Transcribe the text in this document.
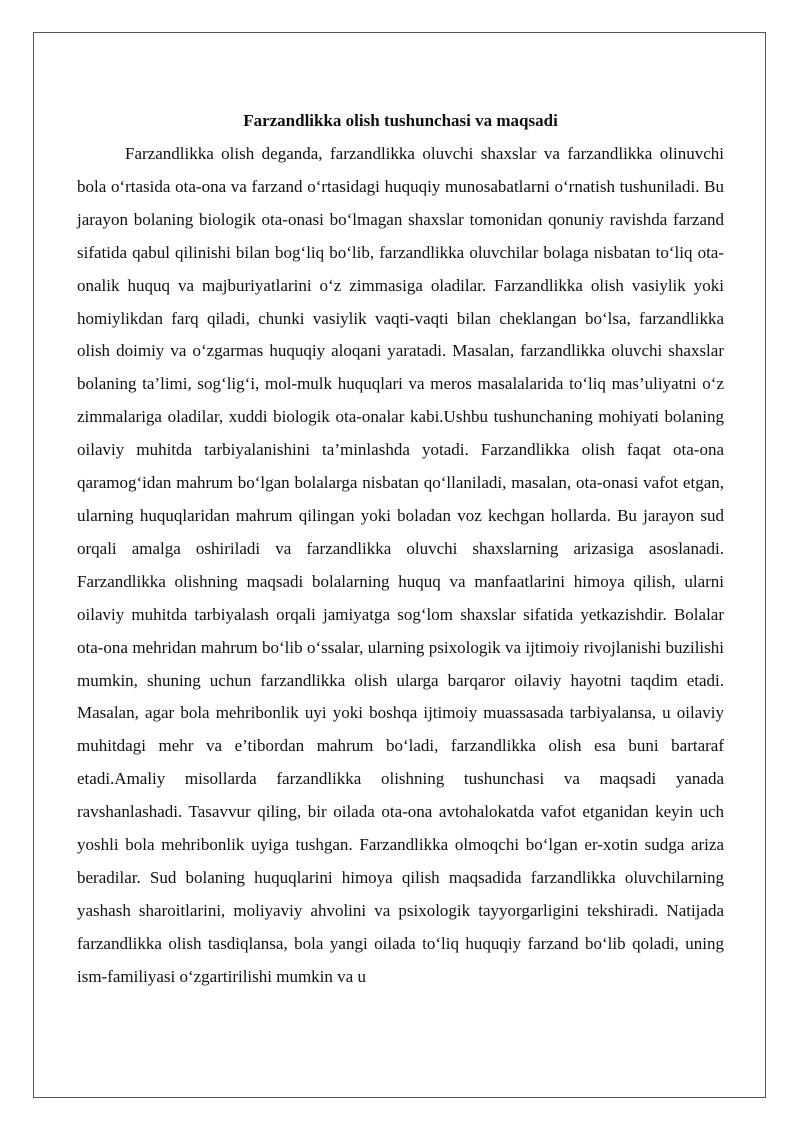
Farzandlikka olish tushunchasi va maqsadi

Farzandlikka olish deganda, farzandlikka oluvchi shaxslar va farzandlikka olinuvchi bola o‘rtasida ota-ona va farzand o‘rtasidagi huquqiy munosabatlarni o‘rnatish tushuniladi. Bu jarayon bolaning biologik ota-onasi bo‘lmagan shaxslar tomonidan qonuniy ravishda farzand sifatida qabul qilinishi bilan bog‘liq bo‘lib, farzandlikka oluvchilar bolaga nisbatan to‘liq ota-onalik huquq va majburiyatlarini o‘z zimmasiga oladilar. Farzandlikka olish vasiylik yoki homiylikdan farq qiladi, chunki vasiylik vaqti-vaqti bilan cheklangan bo‘lsa, farzandlikka olish doimiy va o‘zgarmas huquqiy aloqani yaratadi. Masalan, farzandlikka oluvchi shaxslar bolaning ta’limi, sog‘lig‘i, mol-mulk huquqlari va meros masalalarida to‘liq mas’uliyatni o‘z zimmalariga oladilar, xuddi biologik ota-onalar kabi.Ushbu tushunchaning mohiyati bolaning oilaviy muhitda tarbiyalanishini ta’minlashda yotadi. Farzandlikka olish faqat ota-ona qaramog‘idan mahrum bo‘lgan bolalarga nisbatan qo‘llaniladi, masalan, ota-onasi vafot etgan, ularning huquqlaridan mahrum qilingan yoki boladan voz kechgan hollarda. Bu jarayon sud orqali amalga oshiriladi va farzandlikka oluvchi shaxslarning arizasiga asoslanadi. Farzandlikka olishning maqsadi bolalarning huquq va manfaatlarini himoya qilish, ularni oilaviy muhitda tarbiyalash orqali jamiyatga sog‘lom shaxslar sifatida yetkazishdir. Bolalar ota-ona mehridan mahrum bo‘lib o‘ssalar, ularning psixologik va ijtimoiy rivojlanishi buzilishi mumkin, shuning uchun farzandlikka olish ularga barqaror oilaviy hayotni taqdim etadi. Masalan, agar bola mehribonlik uyi yoki boshqa ijtimoiy muassasada tarbiyalansa, u oilaviy muhitdagi mehr va e’tibordan mahrum bo‘ladi, farzandlikka olish esa buni bartaraf etadi.Amaliy misollarda farzandlikka olishning tushunchasi va maqsadi yanada ravshanlashadi. Tasavvur qiling, bir oilada ota-ona avtohalokatda vafot etganidan keyin uch yoshli bola mehribonlik uyiga tushgan. Farzandlikka olmoqchi bo‘lgan er-xotin sudga ariza beradilar. Sud bolaning huquqlarini himoya qilish maqsadida farzandlikka oluvchilarning yashash sharoitlarini, moliyaviy ahvolini va psixologik tayyorgarligini tekshiradi. Natijada farzandlikka olish tasdiqlansa, bola yangi oilada to‘liq huquqiy farzand bo‘lib qoladi, uning ism-familiyasi o‘zgartirilishi mumkin va u
